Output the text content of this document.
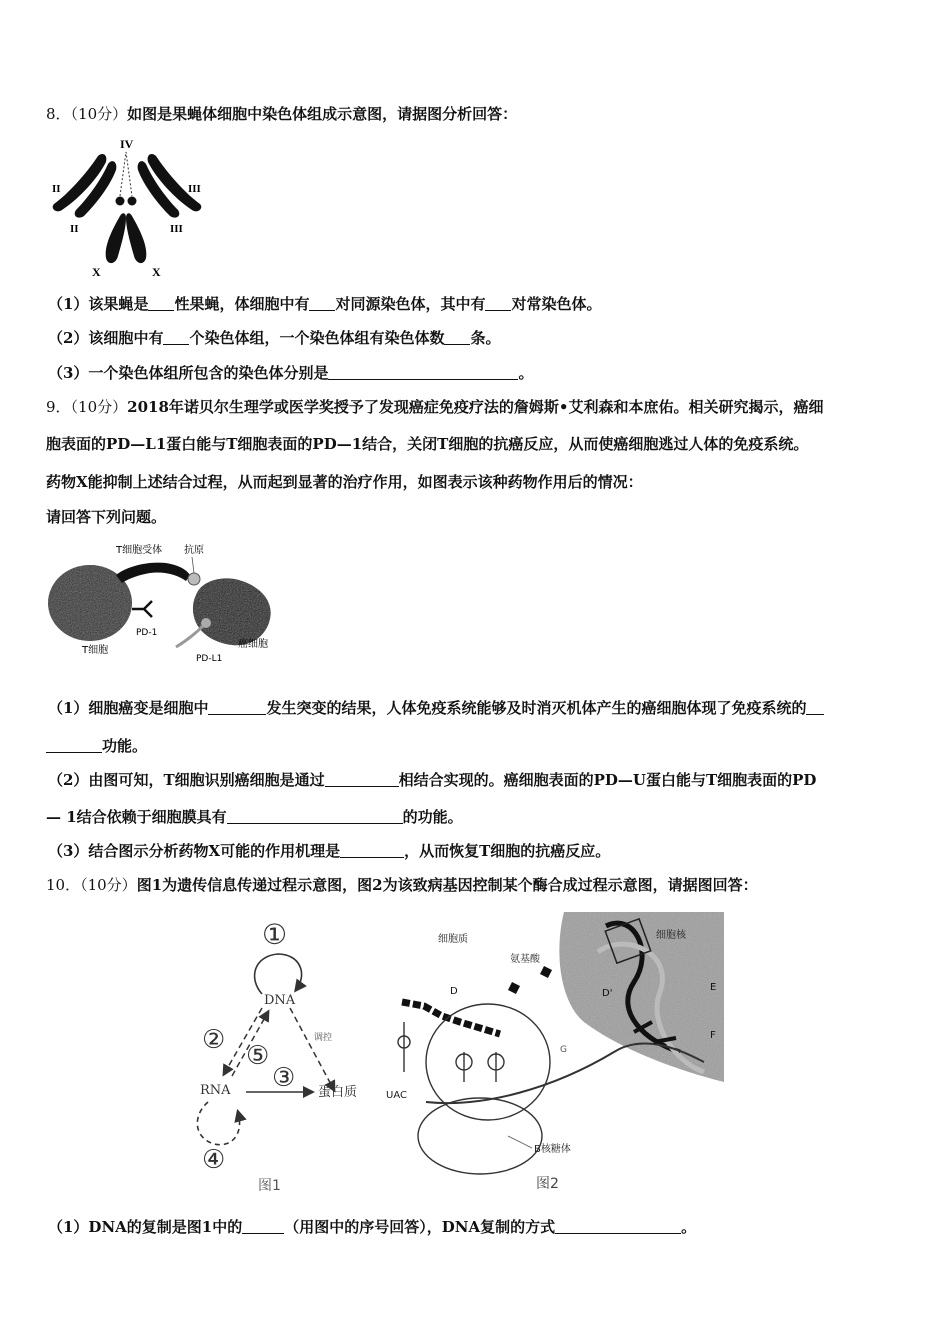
8．（10分）如图是果蝇体细胞中染色体组成示意图，请据图分析回答：
IV
II
II
III
III
X	X
（1）该果蝇是 性果蝇，体细胞中有 对同源染色体，其中有 对常染色体。
（2）该细胞中有 个染色体组，一个染色体组有染色体数 条。
（3）一个染色体组所包含的染色体分别是	。
9．（10分）2018年诺贝尔生理学或医学奖授予了发现癌症免疫疗法的詹姆斯•艾利森和本庶佑。相关研究揭示，癌细
胞表面的PD—L1蛋白能与T细胞表面的PD—1结合，关闭T细胞的抗癌反应，从而使癌细胞逃过人体的免疫系统。
药物X能抑制上述结合过程，从而起到显著的治疗作用，如图表示该种药物作用后的情况：
请回答下列问题。
T细胞受体 抗原
PD-1
T细胞
PD-L1
癌细胞
（1）细胞癌变是细胞中	发生突变的结果，人体免疫系统能够及时消灭机体产生的癌细胞体现了免疫系统的
功能。
（2）由图可知，T细胞识别癌细胞是通过	相结合实现的。癌细胞表面的PD—U蛋白能与T细胞表面的PD
— 1结合依赖于细胞膜具有	的功能。
（3）结合图示分析药物X可能的作用机理是	，从而恢复T细胞的抗癌反应。
10．（10分）图1为遗传信息传递过程示意图，图2为该致病基因控制某个酶合成过程示意图，请据图回答：
①
DNA
调控
②
⑤
③
RNA	蛋白质
④
图1
细胞核
D'
E
F
细胞质
氨基酸
D
G
UAC
B核糖体
图2
（1）DNA的复制是图1中的	（用图中的序号回答），DNA复制的方式	。
